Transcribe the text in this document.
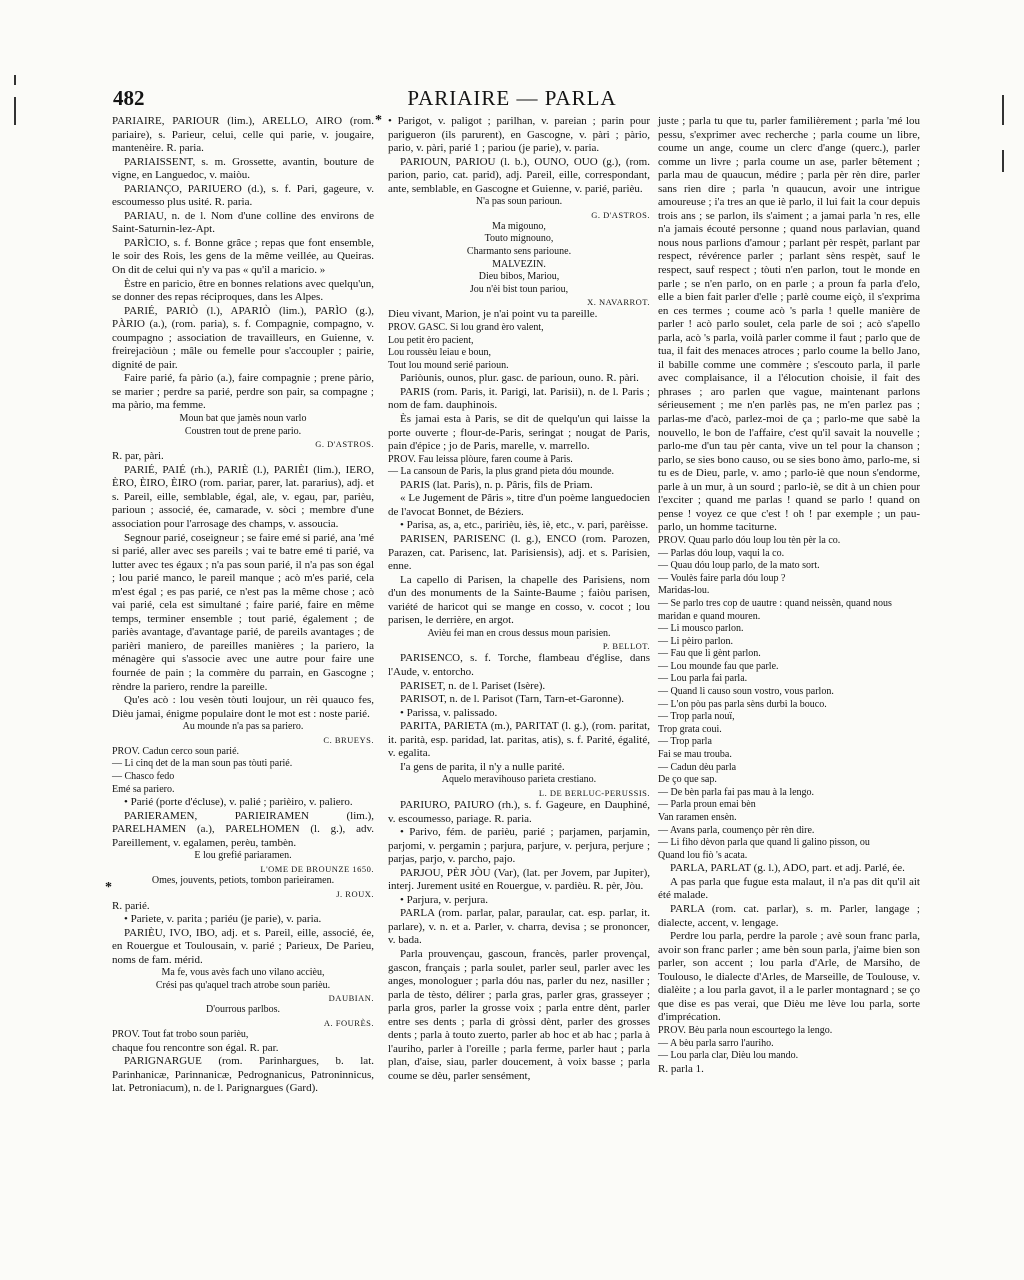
482	PARIAIRE — PARLA

PARIAIRE, PARIOUR (lim.), ARELLO, AIRO (rom. pariaire), s. Parieur, celui, celle qui parie, v. jougaire, mantenèire. R. paria.

PARIAISSENT, s. m. Grossette, avantin, bouture de vigne, en Languedoc, v. maiòu.

PARIANÇO, PARIUERO (d.), s. f. Pari, gageure, v. escoumesso plus usité. R. paria.

PARIAU, n. de l. Nom d'une colline des environs de Saint-Saturnin-lez-Apt.

PARÌCIO, s. f. Bonne grâce ; repas que font ensemble, le soir des Rois, les gens de la même veillée, au Queiras. On dit de celui qui n'y va pas « qu'il a maricio. »

Èstre en paricio, être en bonnes relations avec quelqu'un, se donner des repas réciproques, dans les Alpes.

PARIÉ, PARIÒ (l.), APARIÒ (lim.), PARÌO (g.), PÀRIO (a.), (rom. paria), s. f. Compagnie, compagno, v. coumpagno ; association de travailleurs, en Guienne, v. freirejaciòun ; mâle ou femelle pour s'accoupler ; pairie, dignité de pair.

Faire parié, fa pàrio (a.), faire compagnie ; prene pàrio, se marier ; perdre sa parié, perdre son pair, sa compagne ; ma pàrio, ma femme.

Moun bat que jamès noun varlo
Coustren tout de prene pario.

G. D'ASTROS.

R. par, pàri.

PARIÉ, PAIÉ (rh.), PARIÈ (l.), PARIÈI (lim.), IERO, ÈRO, ÈIRO, ÈIRO (rom. pariar, parer, lat. pararius), adj. et s. Pareil, eille, semblable, égal, ale, v. egau, par, parièu, parioun ; associé, ée, camarade, v. sòci ; membre d'une association pour l'arrosage des champs, v. assoucia.

Segnour parié, coseigneur ; se faire emé si parié, ana 'mé si parié, aller avec ses pareils ; vai te batre emé ti parié, va lutter avec tes égaux ; n'a pas soun parié, il n'a pas son égal ; lou parié manco, le pareil manque ; acò m'es parié, cela m'est égal ; es pas parié, ce n'est pas la même chose ; acò vai parié, cela est simultané ; faire parié, faire en même temps, terminer ensemble ; tout parié, également ; de pariès avantage, d'avantage parié, de pareils avantages ; de parièri maniero, de pareilles manières ; la pariero, la ménagère qui s'associe avec une autre pour faire une fournée de pain ; la commère du parrain, en Gascogne ; rèndre la pariero, rendre la pareille.

Qu'es acò : lou vesèn tòuti loujour, un rèi quauco fes, Dièu jamai, énigme populaire dont le mot est : noste parié.

Au mounde n'a pas sa pariero.

C. BRUEYS.

PROV. Cadun cerco soun parié.
— Li cinq det de la man soun pas tòuti parié.
— Chasco fedo
Emé sa pariero.

• Parié (porte d'écluse), v. palié ; parièiro, v. paliero.

PARIERAMEN, PARIEIRAMEN (lim.), PARELHAMEN (a.), PARELHOMEN (l. g.), adv. Pareillement, v. egalamen, perèu, tambèn.

E lou grefié pariaramen.

L'OME DE BROUNZE 1650.

Omes, jouvents, petiots, tombon parieiramen.

J. ROUX.

R. parié.

• Pariete, v. parita ; pariéu (je parie), v. paria.

PARIÈU, IVO, IBO, adj. et s. Pareil, eille, associé, ée, en Rouergue et Toulousain, v. parié ; Parieux, De Parieu, noms de fam. mérid.

Ma fe, vous avès fach uno vilano accièu,
Crési pas qu'aquel trach atrobe soun parièu.

DAUBIAN.

D'ourrous parlbos.

A. FOURÈS.

PROV. Tout fat trobo soun parièu,

chaque fou rencontre son égal. R. par.

PARIGNARGUE (rom. Parinhargues, b. lat. Parinhanicæ, Parinnanicæ, Pedrognanicus, Patroninnicus, lat. Petroniacum), n. de l. Parignargues (Gard).

• Parigot, v. paligot ; parilhan, v. pareian ; parin pour parigueron (ils parurent), en Gascogne, v. pàri ; pàrio, pario, v. pàri, parié 1 ; pariou (je parie), v. paria.

PARIOUN, PARIOU (l. b.), OUNO, OUO (g.), (rom. parion, pario, cat. parid), adj. Pareil, eille, correspondant, ante, semblable, en Gascogne et Guienne, v. parié, parièu.

N'a pas soun parioun.

G. D'ASTROS.

Ma migouno,
Touto mignouno,
Charmanto sens parioune.
MALVEZIN.
Dieu bibos, Mariou,
Jou n'èi bist toun pariou,

X. NAVARROT.

Dieu vivant, Marion, je n'ai point vu ta pareille.

PROV. GASC. Si lou grand èro valent,
Lou petit èro pacient,
Lou roussèu leiau e boun,
Tout lou mound serié parioun.

Pariòunis, ounos, plur. gasc. de parioun, ouno. R. pàri.

PARIS (rom. Paris, it. Parigi, lat. Parisii), n. de l. Paris ; nom de fam. dauphinois.

Ès jamai esta à Paris, se dit de quelqu'un qui laisse la porte ouverte ; flour-de-Paris, seringat ; nougat de Paris, pain d'épice ; jo de Paris, marelle, v. marrello.

PROV. Fau leissa plòure, faren coume à Paris.
— La cansoun de Paris, la plus grand pieta dóu mounde.

PARIS (lat. Paris), n. p. Pâris, fils de Priam.

« Le Jugement de Pâris », titre d'un poème languedocien de l'avocat Bonnet, de Béziers.

• Parisa, as, a, etc., paririèu, iès, iè, etc., v. pari, parèisse.

PARISEN, PARISENC (l. g.), ENCO (rom. Parozen, Parazen, cat. Parisenc, lat. Parisiensis), adj. et s. Parisien, enne.

La capello di Parisen, la chapelle des Parisiens, nom d'un des monuments de la Sainte-Baume ; faiòu parisen, variété de haricot qui se mange en cosso, v. cocot ; lou parisen, le derrière, en argot.

Avièu fei man en crous dessus moun parisien.

P. BELLOT.

PARISENCO, s. f. Torche, flambeau d'église, dans l'Aude, v. entorcho.

PARISET, n. de l. Pariset (Isère).

PARISOT, n. de l. Parisot (Tarn, Tarn-et-Garonne).

• Parissa, v. palissado.

PARITA, PARIETA (m.), PARITAT (l. g.), (rom. paritat, it. parità, esp. paridad, lat. paritas, atis), s. f. Parité, égalité, v. egalita.

I'a gens de parita, il n'y a nulle parité.

Aquelo meravihouso parieta crestiano.

L. DE BERLUC-PERUSSIS.

PARIURO, PAIURO (rh.), s. f. Gageure, en Dauphiné, v. escoumesso, pariage. R. paria.

• Parivo, fém. de parièu, parié ; parjamen, parjamin, parjomi, v. pergamin ; parjura, parjure, v. perjura, perjure ; parjas, parjo, v. parcho, pajo.

PARJOU, PÈR JÒU (Var), (lat. per Jovem, par Jupiter), interj. Jurement usité en Rouergue, v. pardièu. R. pèr, Jòu.

• Parjura, v. perjura.

PARLA (rom. parlar, palar, paraular, cat. esp. parlar, it. parlare), v. n. et a. Parler, v. charra, devisa ; se prononcer, v. bada.

Parla prouvençau, gascoun, francès, parler provençal, gascon, français ; parla soulet, parler seul, parler avec les anges, monologuer ; parla dóu nas, parler du nez, nasiller ; parla de tèsto, délirer ; parla gras, parler gras, grasseyer ; parla gros, parler la grosse voix ; parla entre dènt, parler entre ses dents ; parla di gròssi dènt, parler des grosses dents ; parla à touto zuerto, parler ab hoc et ab hac ; parla à l'auriho, parler à l'oreille ; parla ferme, parler haut ; parla plan, d'aise, siau, parler doucement, à voix basse ; parla coume se dèu, parler sensément,

juste ; parla tu que tu, parler familièrement ; parla 'mé lou pessu, s'exprimer avec recherche ; parla coume un libre, coume un ange, coume un clerc d'ange (querc.), parler comme un livre ; parla coume un ase, parler bêtement ; parla mau de quaucun, médire ; parla pèr rèn dire, parler sans rien dire ; parla 'n quaucun, avoir une intrigue amoureuse ; i'a tres an que iè parlo, il lui fait la cour depuis trois ans ; se parlon, ils s'aiment ; a jamai parla 'n res, elle n'a jamais écouté personne ; quand nous parlavian, quand nous nous parlions d'amour ; parlant pèr respèt, parlant par respect, révérence parler ; parlant sèns respèt, sauf le respect, sauf respect ; tòuti n'en parlon, tout le monde en parle ; se n'en parlo, on en parle ; a proun fa parla d'elo, elle a bien fait parler d'elle ; parlè coume eiçò, il s'exprima en ces termes ; coume acò 's parla ! quelle manière de parler ! acò parlo soulet, cela parle de soi ; acò s'apello parla, acò 's parla, voilà parler comme il faut ; parlo que de tua, il fait des menaces atroces ; parlo coume la bello Jano, il babille comme une commère ; s'escouto parla, il parle avec complaisance, il a l'élocution choisie, il fait des phrases ; aro parlen que vague, maintenant parlons sérieusement ; me n'en parlès pas, ne m'en parlez pas ; parlas-me d'acò, parlez-moi de ça ; parlo-me que sabè la nouvello, le bon de l'affaire, c'est qu'il savait la nouvelle ; parlo-me d'un tau pèr canta, vive un tel pour la chanson ; parlo, se sies bono causo, ou se sies bono àmo, parlo-me, si tu es de Dieu, parle, v. amo ; parlo-iè que noun s'endorme, parle à un mur, à un sourd ; parlo-iè, se dit à un chien pour l'exciter ; quand me parlas ! quand se parlo ! quand on pense ! voyez ce que c'est ! oh ! par exemple ; un pau-parlo, un homme taciturne.

PROV. Quau parlo dóu loup lou tèn pèr la co.
— Parlas dóu loup, vaqui la co.
— Quau dóu loup parlo, de la mato sort.
— Voulès faire parla dóu loup ?
Maridas-lou.
— Se parlo tres cop de uautre : quand neissèn, quand nous maridan e quand mouren.
— Li mousco parlon.
— Li pèiro parlon.
— Fau que li gènt parlon.
— Lou mounde fau que parle.
— Lou parla fai parla.
— Quand li causo soun vostro, vous parlon.
— L'on pòu pas parla sèns durbi la bouco.
— Trop parla nouï,
Trop grata coui.
— Trop parla
Fai se mau trouba.
— Cadun dèu parla
De ço que sap.
— De bèn parla fai pas mau à la lengo.
— Parla proun emai bèn
Van raramen ensèn.
— Avans parla, coumenço pèr rèn dire.
— Li fiho dèvon parla que quand li galino pisson, ou
Quand lou fiò 's acata.

PARLA, PARLAT (g. l.), ADO, part. et adj. Parlé, ée.

A pas parla que fugue esta malaut, il n'a pas dit qu'il ait été malade.

PARLA (rom. cat. parlar), s. m. Parler, langage ; dialecte, accent, v. lengage.

Perdre lou parla, perdre la parole ; avè soun franc parla, avoir son franc parler ; ame bèn soun parla, j'aime bien son parler, son accent ; lou parla d'Arle, de Marsiho, de Toulouso, le dialecte d'Arles, de Marseille, de Toulouse, v. dialèite ; a lou parla gavot, il a le parler montagnard ; se ço que dise es pas verai, que Dièu me lève lou parla, sorte d'imprécation.

PROV. Bèu parla noun escourtego la lengo.
— A bèu parla sarro l'auriho.
— Lou parla clar, Dièu lou mando.

R. parla 1.

*
*
